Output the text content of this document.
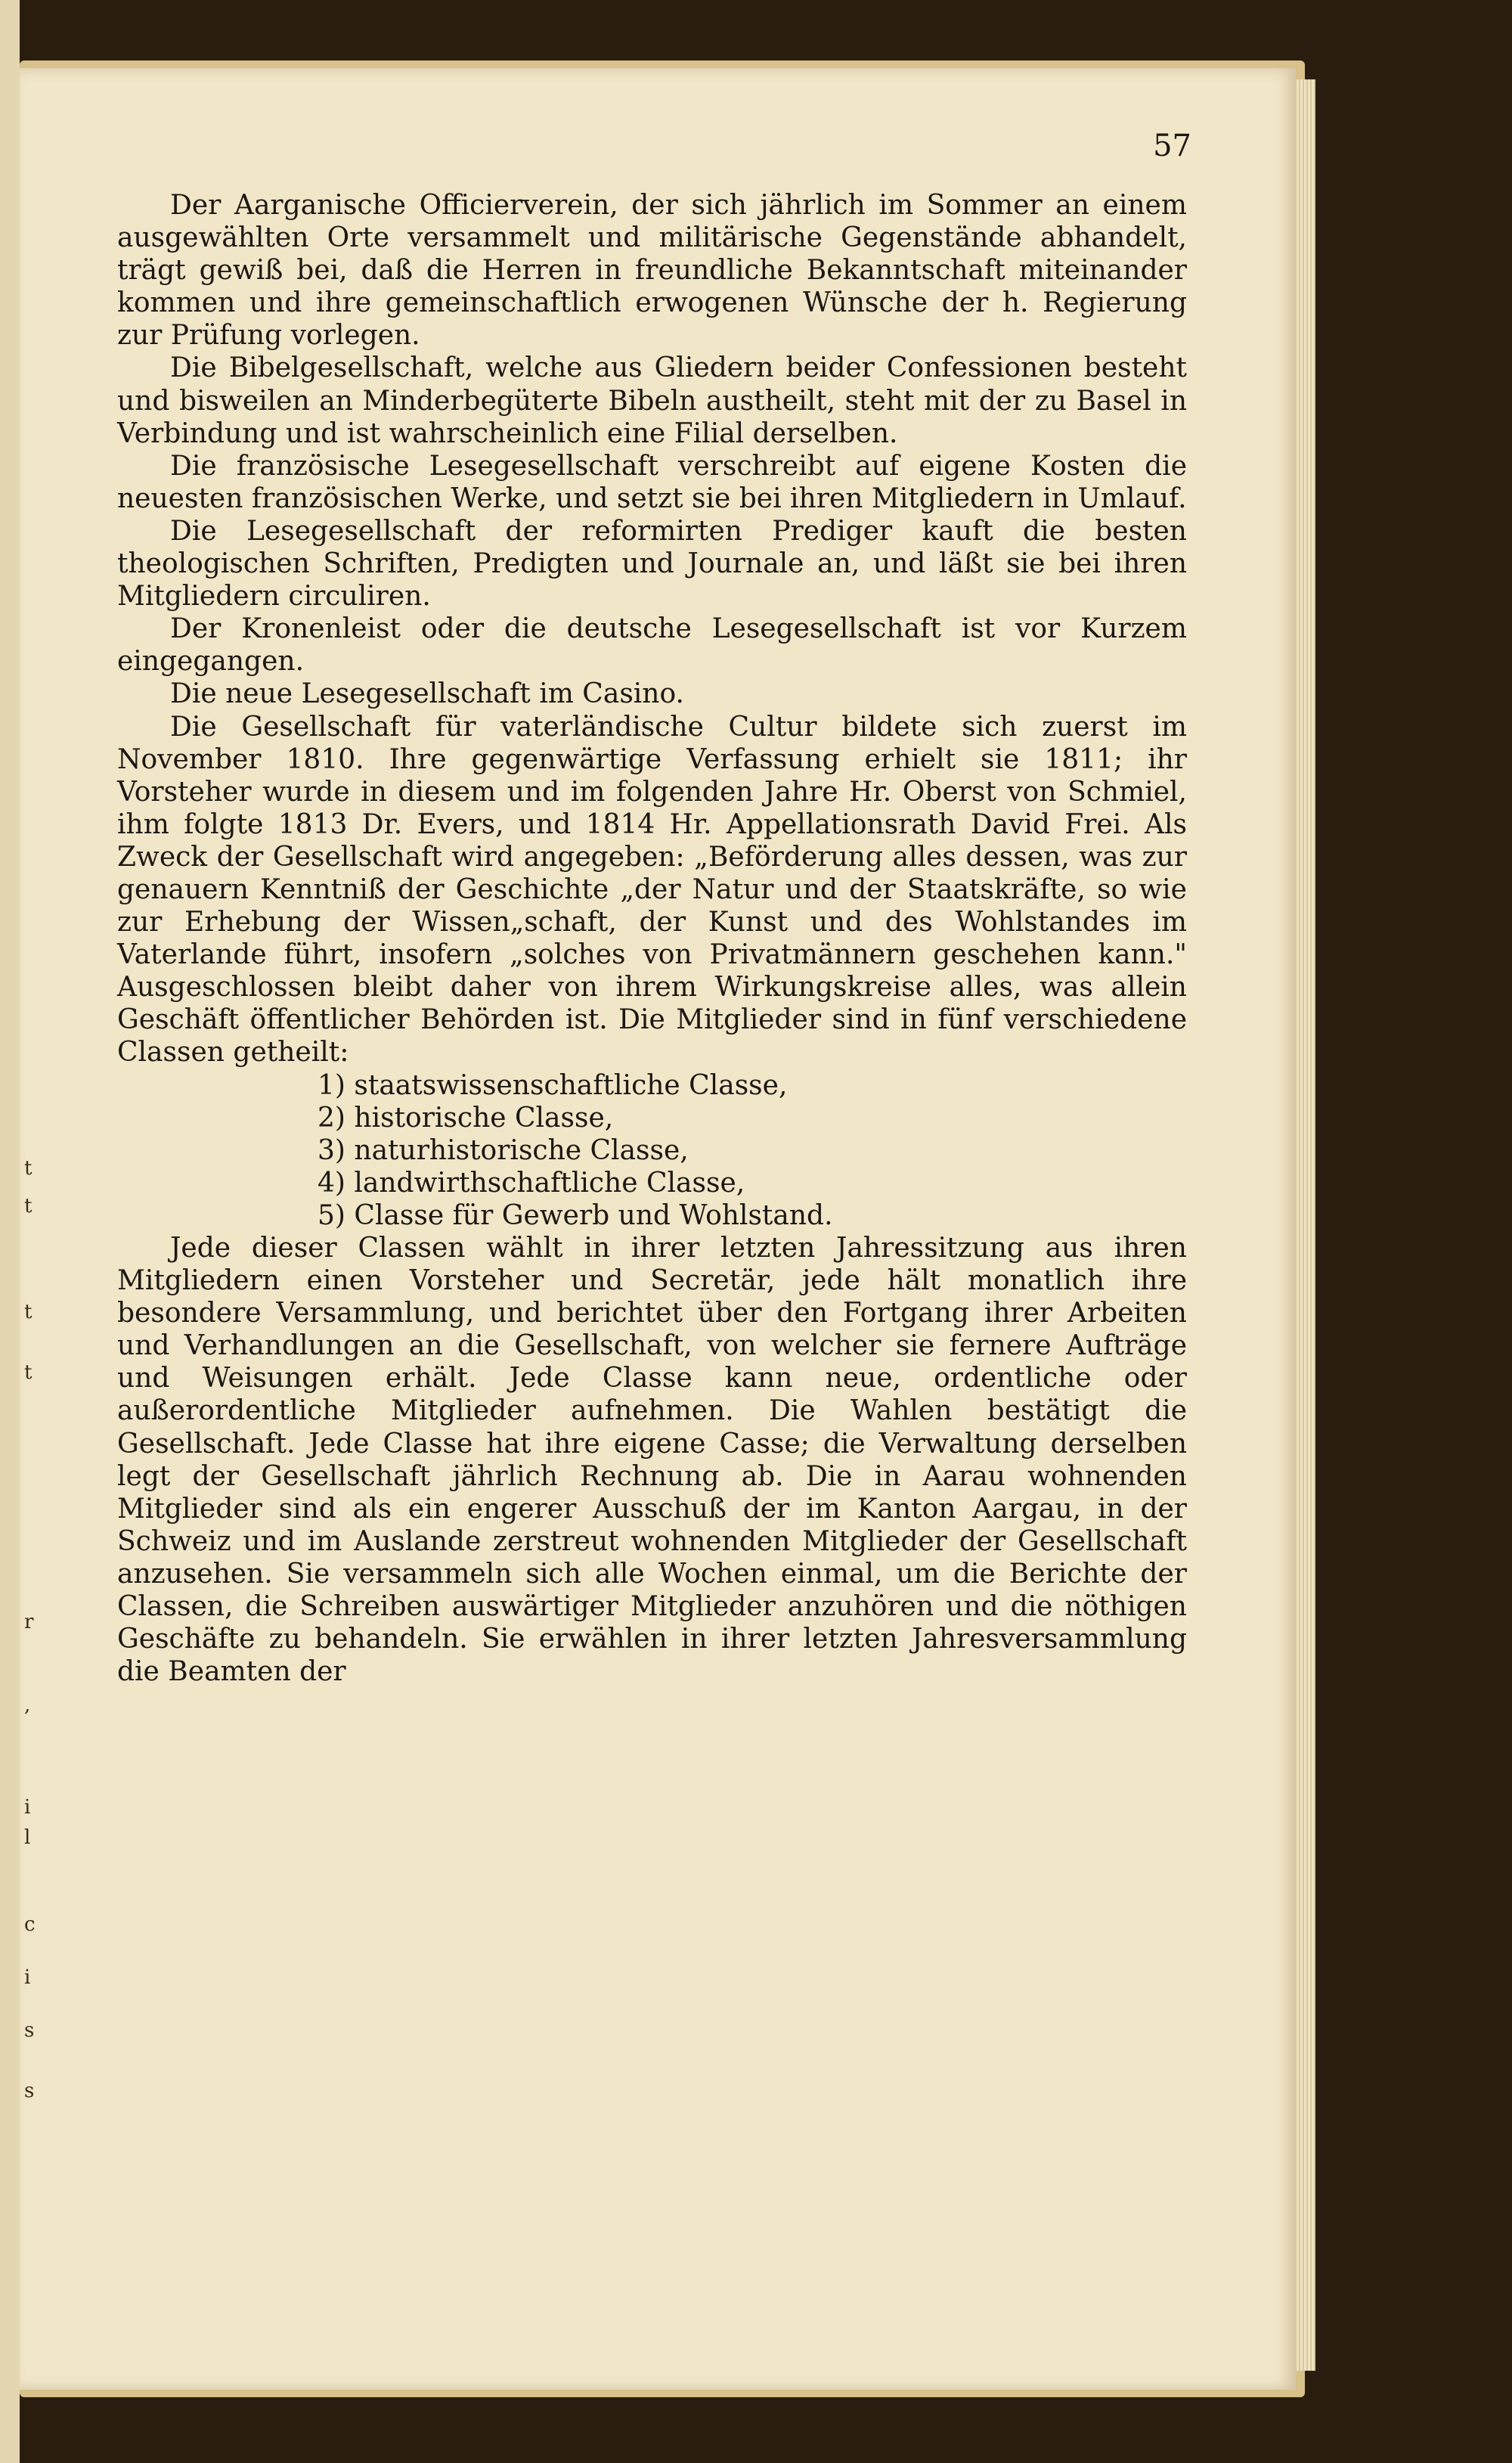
t
t
t
t
r
,
i
l
c
i
s
s
57

Der Aarganische Officierverein, der sich jährlich im Sommer an einem ausgewählten Orte versammelt und militärische Gegenstände abhandelt, trägt gewiß bei, daß die Herren in freundliche Bekanntschaft miteinander kommen und ihre gemeinschaftlich erwogenen Wünsche der h. Regierung zur Prüfung vorlegen.

Die Bibelgesellschaft, welche aus Gliedern beider Confessionen besteht und bisweilen an Minderbegüterte Bibeln austheilt, steht mit der zu Basel in Verbindung und ist wahrscheinlich eine Filial derselben.

Die französische Lesegesellschaft verschreibt auf eigene Kosten die neuesten französischen Werke, und setzt sie bei ihren Mitgliedern in Umlauf.

Die Lesegesellschaft der reformirten Prediger kauft die besten theologischen Schriften, Predigten und Journale an, und läßt sie bei ihren Mitgliedern circuliren.

Der Kronenleist oder die deutsche Lesegesellschaft ist vor Kurzem eingegangen.

Die neue Lesegesellschaft im Casino.

Die Gesellschaft für vaterländische Cultur bildete sich zuerst im November 1810. Ihre gegenwärtige Verfassung erhielt sie 1811; ihr Vorsteher wurde in diesem und im folgenden Jahre Hr. Oberst von Schmiel, ihm folgte 1813 Dr. Evers, und 1814 Hr. Appellationsrath David Frei. Als Zweck der Gesellschaft wird angegeben: „Beförderung alles dessen, was zur genauern Kenntniß der Geschichte „der Natur und der Staatskräfte, so wie zur Erhebung der Wissen„schaft, der Kunst und des Wohlstandes im Vaterlande führt, insofern „solches von Privatmännern geschehen kann." Ausgeschlossen bleibt daher von ihrem Wirkungskreise alles, was allein Geschäft öffentlicher Behörden ist. Die Mitglieder sind in fünf verschiedene Classen getheilt:

1) staatswissenschaftliche Classe,
2) historische Classe,
3) naturhistorische Classe,
4) landwirthschaftliche Classe,
5) Classe für Gewerb und Wohlstand.

Jede dieser Classen wählt in ihrer letzten Jahressitzung aus ihren Mitgliedern einen Vorsteher und Secretär, jede hält monatlich ihre besondere Versammlung, und berichtet über den Fortgang ihrer Arbeiten und Verhandlungen an die Gesellschaft, von welcher sie fernere Aufträge und Weisungen erhält. Jede Classe kann neue, ordentliche oder außerordentliche Mitglieder aufnehmen. Die Wahlen bestätigt die Gesellschaft. Jede Classe hat ihre eigene Casse; die Verwaltung derselben legt der Gesellschaft jährlich Rechnung ab. Die in Aarau wohnenden Mitglieder sind als ein engerer Ausschuß der im Kanton Aargau, in der Schweiz und im Auslande zerstreut wohnenden Mitglieder der Gesellschaft anzusehen. Sie versammeln sich alle Wochen einmal, um die Berichte der Classen, die Schreiben auswärtiger Mitglieder anzuhören und die nöthigen Geschäfte zu behandeln. Sie erwählen in ihrer letzten Jahresversammlung die Beamten der
